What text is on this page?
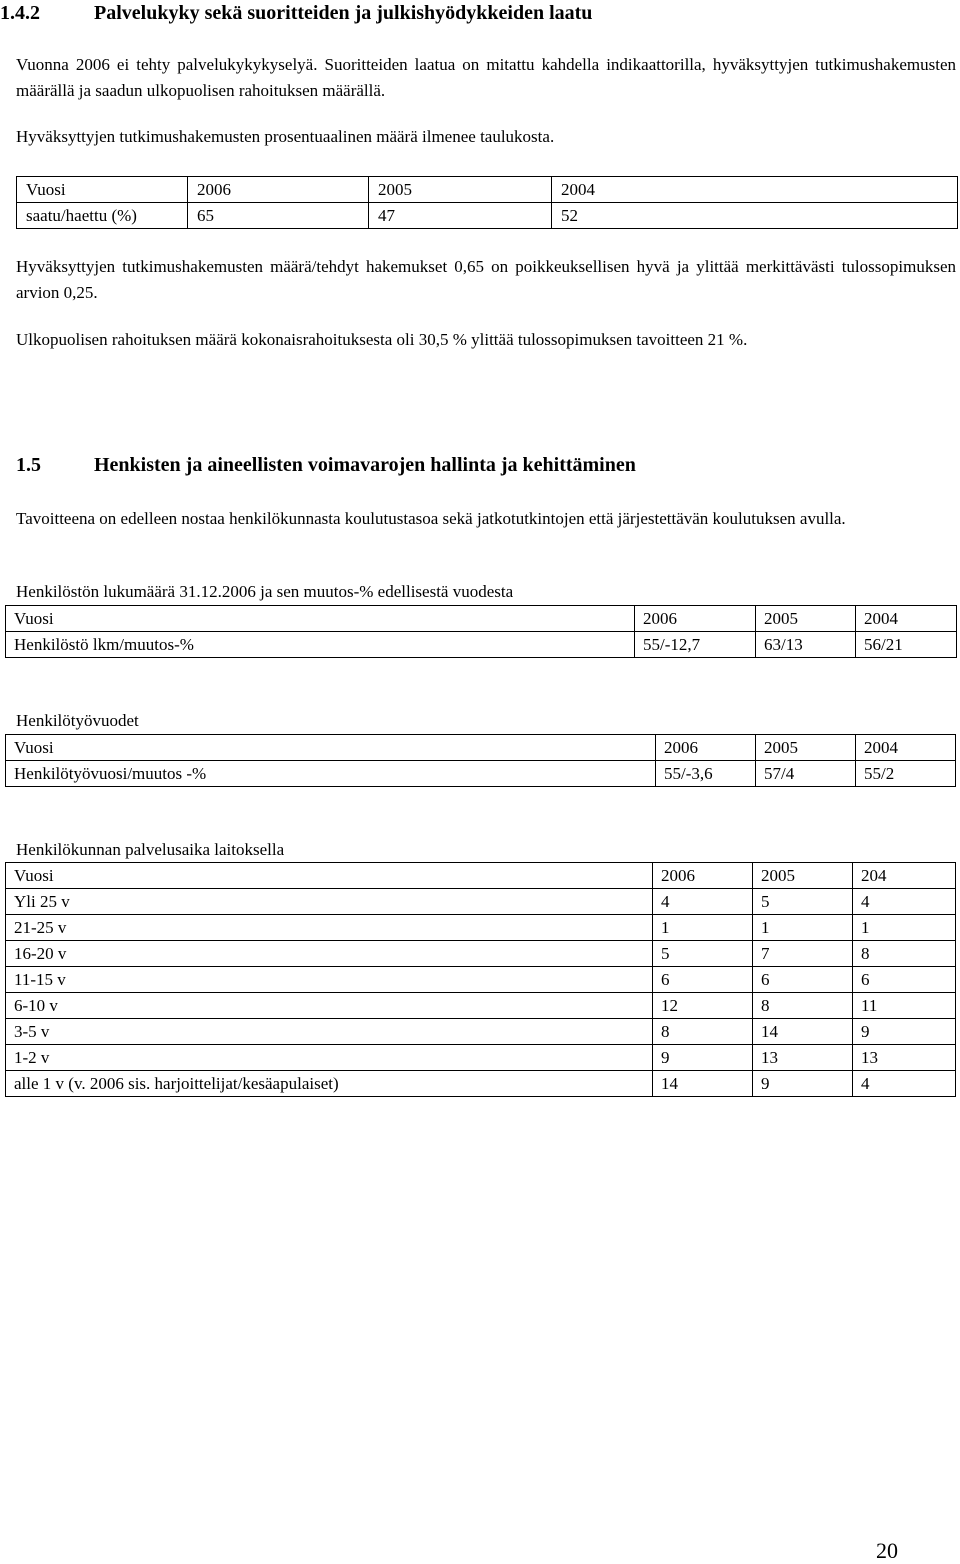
1.4.2	Palvelukyky sekä suoritteiden ja julkishyödykkeiden laatu
Vuonna 2006 ei tehty palvelukykykyselyä. Suoritteiden laatua on mitattu kahdella indikaattorilla, hyväksyttyjen tutkimushakemusten määrällä ja saadun ulkopuolisen rahoituksen määrällä.
Hyväksyttyjen tutkimushakemusten prosentuaalinen määrä ilmenee taulukosta.
Vuosi	2006	2005	2004
saatu/haettu (%)	65	47	52
Hyväksyttyjen tutkimushakemusten määrä/tehdyt hakemukset 0,65 on poikkeuksellisen hyvä ja ylittää merkittävästi tulossopimuksen arvion 0,25.
Ulkopuolisen rahoituksen määrä kokonaisrahoituksesta oli 30,5 % ylittää tulossopimuksen tavoitteen 21 %.
1.5	Henkisten ja aineellisten voimavarojen hallinta ja kehittäminen
Tavoitteena on edelleen nostaa henkilökunnasta koulutustasoa sekä jatkotutkintojen että järjestettävän koulutuksen avulla.
Henkilöstön lukumäärä 31.12.2006 ja sen muutos-% edellisestä vuodesta
Vuosi	2006	2005	2004
Henkilöstö lkm/muutos-%	55/-12,7	63/13	56/21
Henkilötyövuodet
Vuosi	2006	2005	2004
Henkilötyövuosi/muutos -%	55/-3,6	57/4	55/2
Henkilökunnan palvelusaika laitoksella
Vuosi	2006	2005	204
Yli 25 v	4	5	4
21-25 v	1	1	1
16-20 v	5	7	8
11-15 v	6	6	6
6-10 v	12	8	11
3-5 v	8	14	9
1-2 v	9	13	13
alle 1 v (v. 2006 sis. harjoittelijat/kesäapulaiset)	14	9	4
20
